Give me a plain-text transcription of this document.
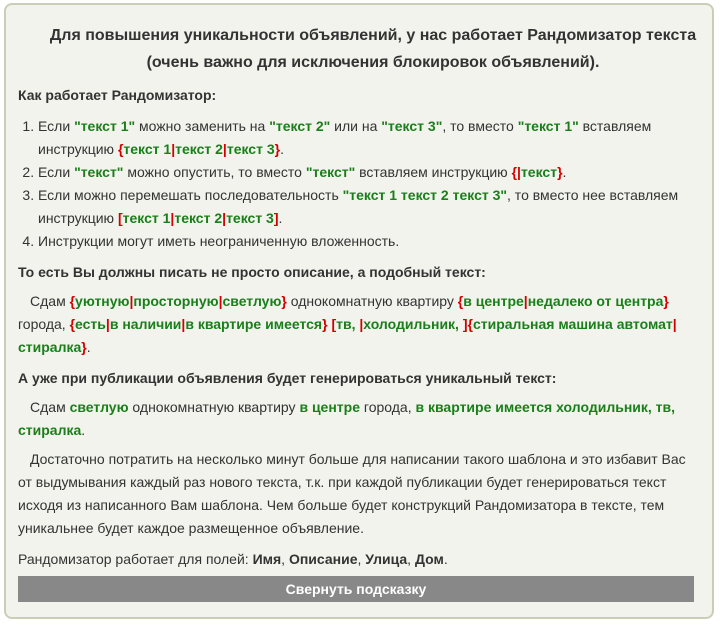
Для повышения уникальности объявлений, у нас работает Рандомизатор текста
(очень важно для исключения блокировок объявлений).
Как работает Рандомизатор:
1. Если "текст 1" можно заменить на "текст 2" или на "текст 3", то вместо "текст 1" вставляем инструкцию {текст 1|текст 2|текст 3}.
2. Если "текст" можно опустить, то вместо "текст" вставляем инструкцию {|текст}.
3. Если можно перемешать последовательность "текст 1 текст 2 текст 3", то вместо нее вставляем инструкцию [текст 1|текст 2|текст 3].
4. Инструкции могут иметь неограниченную вложенность.
То есть Вы должны писать не просто описание, а подобный текст:
Сдам {уютную|просторную|светлую} однокомнатную квартиру {в центре|недалеко от центра} города, {есть|в наличии|в квартире имеется} [тв, |холодильник, ]{стиральная машина автомат|стиралка}.
А уже при публикации объявления будет генерироваться уникальный текст:
Сдам светлую однокомнатную квартиру в центре города, в квартире имеется холодильник, тв, стиралка.
Достаточно потратить на несколько минут больше для написании такого шаблона и это избавит Вас от выдумывания каждый раз нового текста, т.к. при каждой публикации будет генерироваться текст исходя из написанного Вам шаблона. Чем больше будет конструкций Рандомизатора в тексте, тем уникальнее будет каждое размещенное объявление.
Рандомизатор работает для полей: Имя, Описание, Улица, Дом.
Свернуть подсказку
